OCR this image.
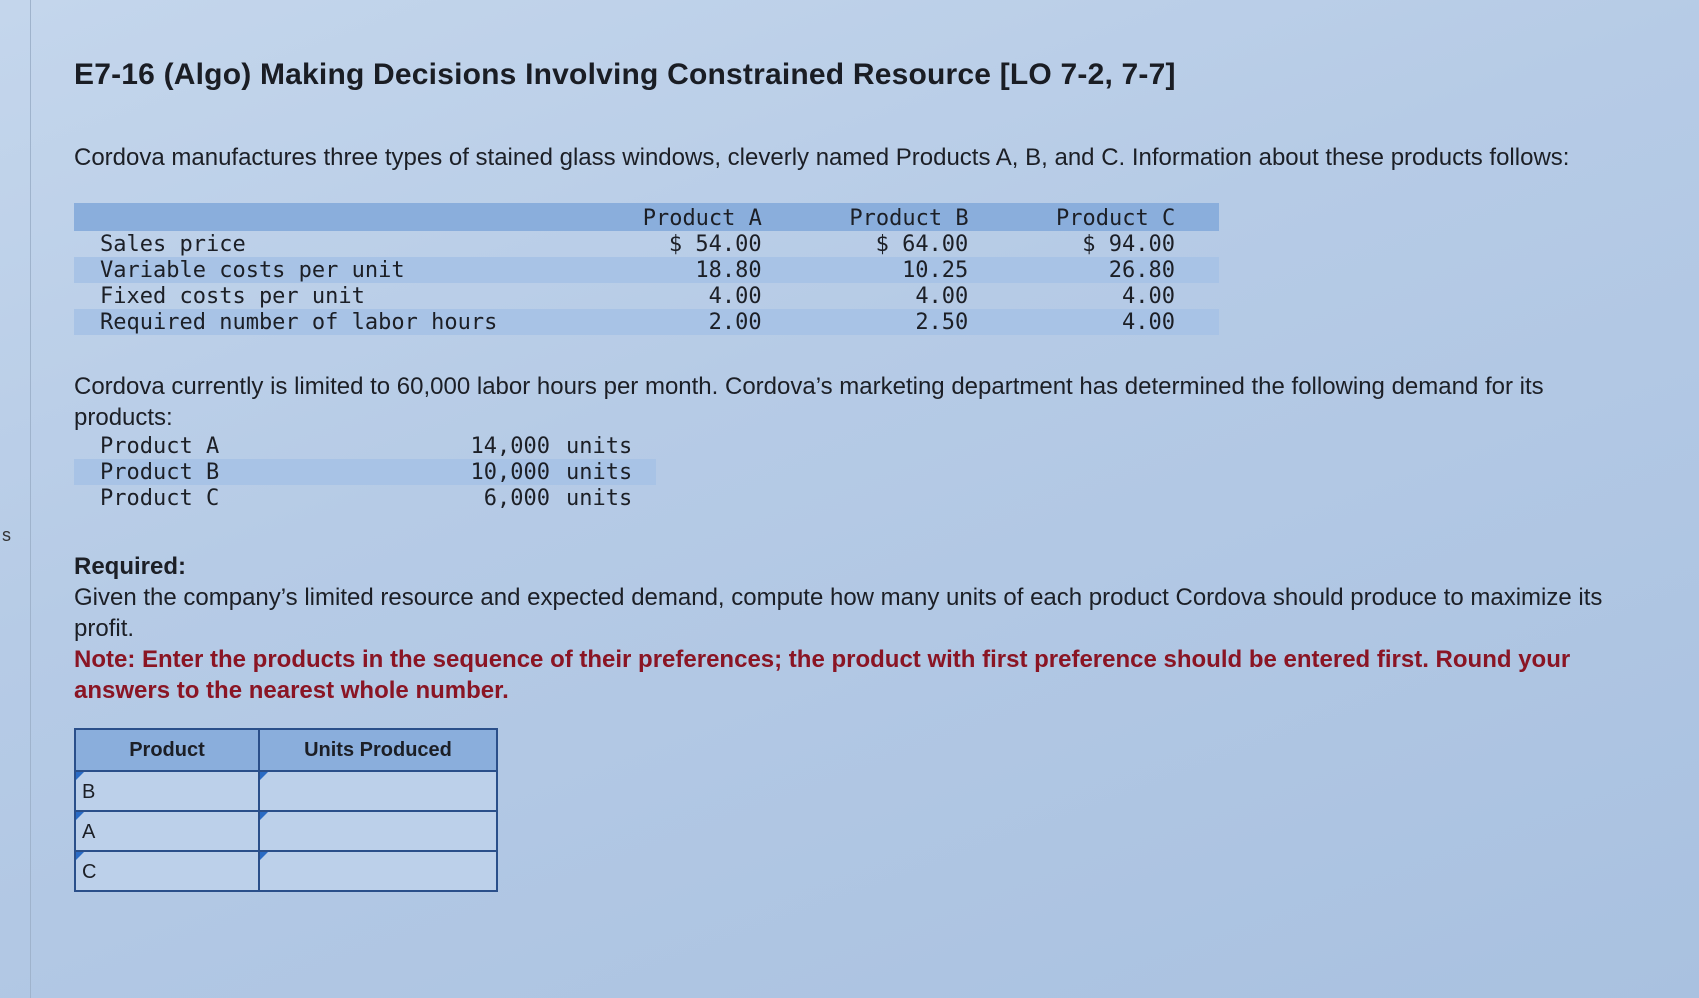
s
E7-16 (Algo) Making Decisions Involving Constrained Resource [LO 7-2, 7-7]
Cordova manufactures three types of stained glass windows, cleverly named Products A, B, and C. Information about these products follows:
	Product A	Product B	Product C
Sales price	$ 54.00	$ 64.00	$ 94.00
Variable costs per unit	18.80	10.25	26.80
Fixed costs per unit	4.00	4.00	4.00
Required number of labor hours	2.00	2.50	4.00
Cordova currently is limited to 60,000 labor hours per month. Cordova’s marketing department has determined the following demand for its products:
Product A	14,000	units
Product B	10,000	units
Product C	6,000	units
Required:
Given the company’s limited resource and expected demand, compute how many units of each product Cordova should produce to maximize its profit.
Note: Enter the products in the sequence of their preferences; the product with first preference should be entered first. Round your answers to the nearest whole number.
Product	Units Produced

B

A

C
